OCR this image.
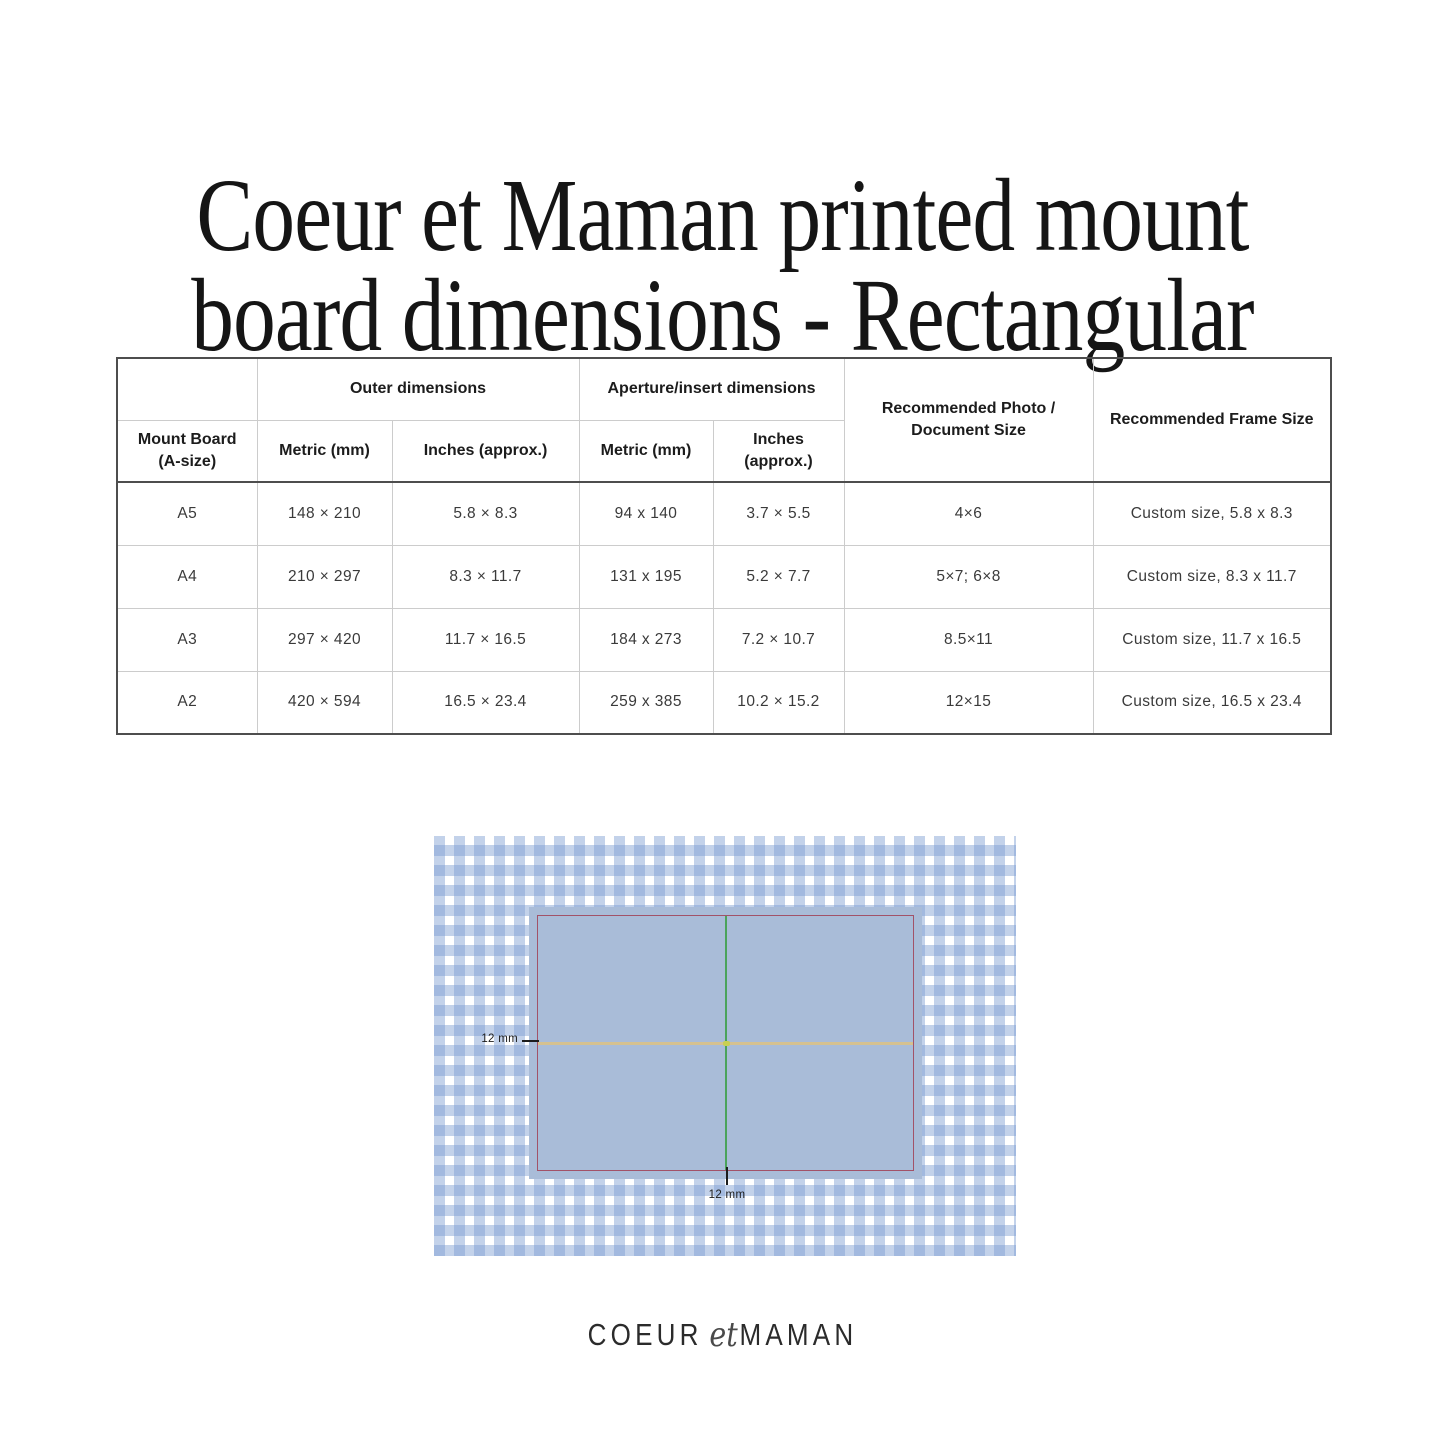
Coeur et Maman printed mount
board dimensions - Rectangular
	Outer dimensions		Aperture/insert dimensions		Recommended Photo / Document Size	Recommended Frame Size
Mount Board (A-size)	Metric (mm)	Inches (approx.)	Metric (mm)	Inches (approx.)		
A5	148 × 210	5.8 × 8.3	94 x 140	3.7 × 5.5	4×6	Custom size, 5.8 x 8.3
A4	210 × 297	8.3 × 11.7	131 x 195	5.2 × 7.7	5×7; 6×8	Custom size, 8.3 x 11.7
A3	297 × 420	11.7 × 16.5	184 x 273	7.2 × 10.7	8.5×11	Custom size, 11.7 x 16.5
A2	420 × 594	16.5 × 23.4	259 x 385	10.2 × 15.2	12×15	Custom size, 16.5 x 23.4
12 mm
12 mm
COEUR etMAMAN
